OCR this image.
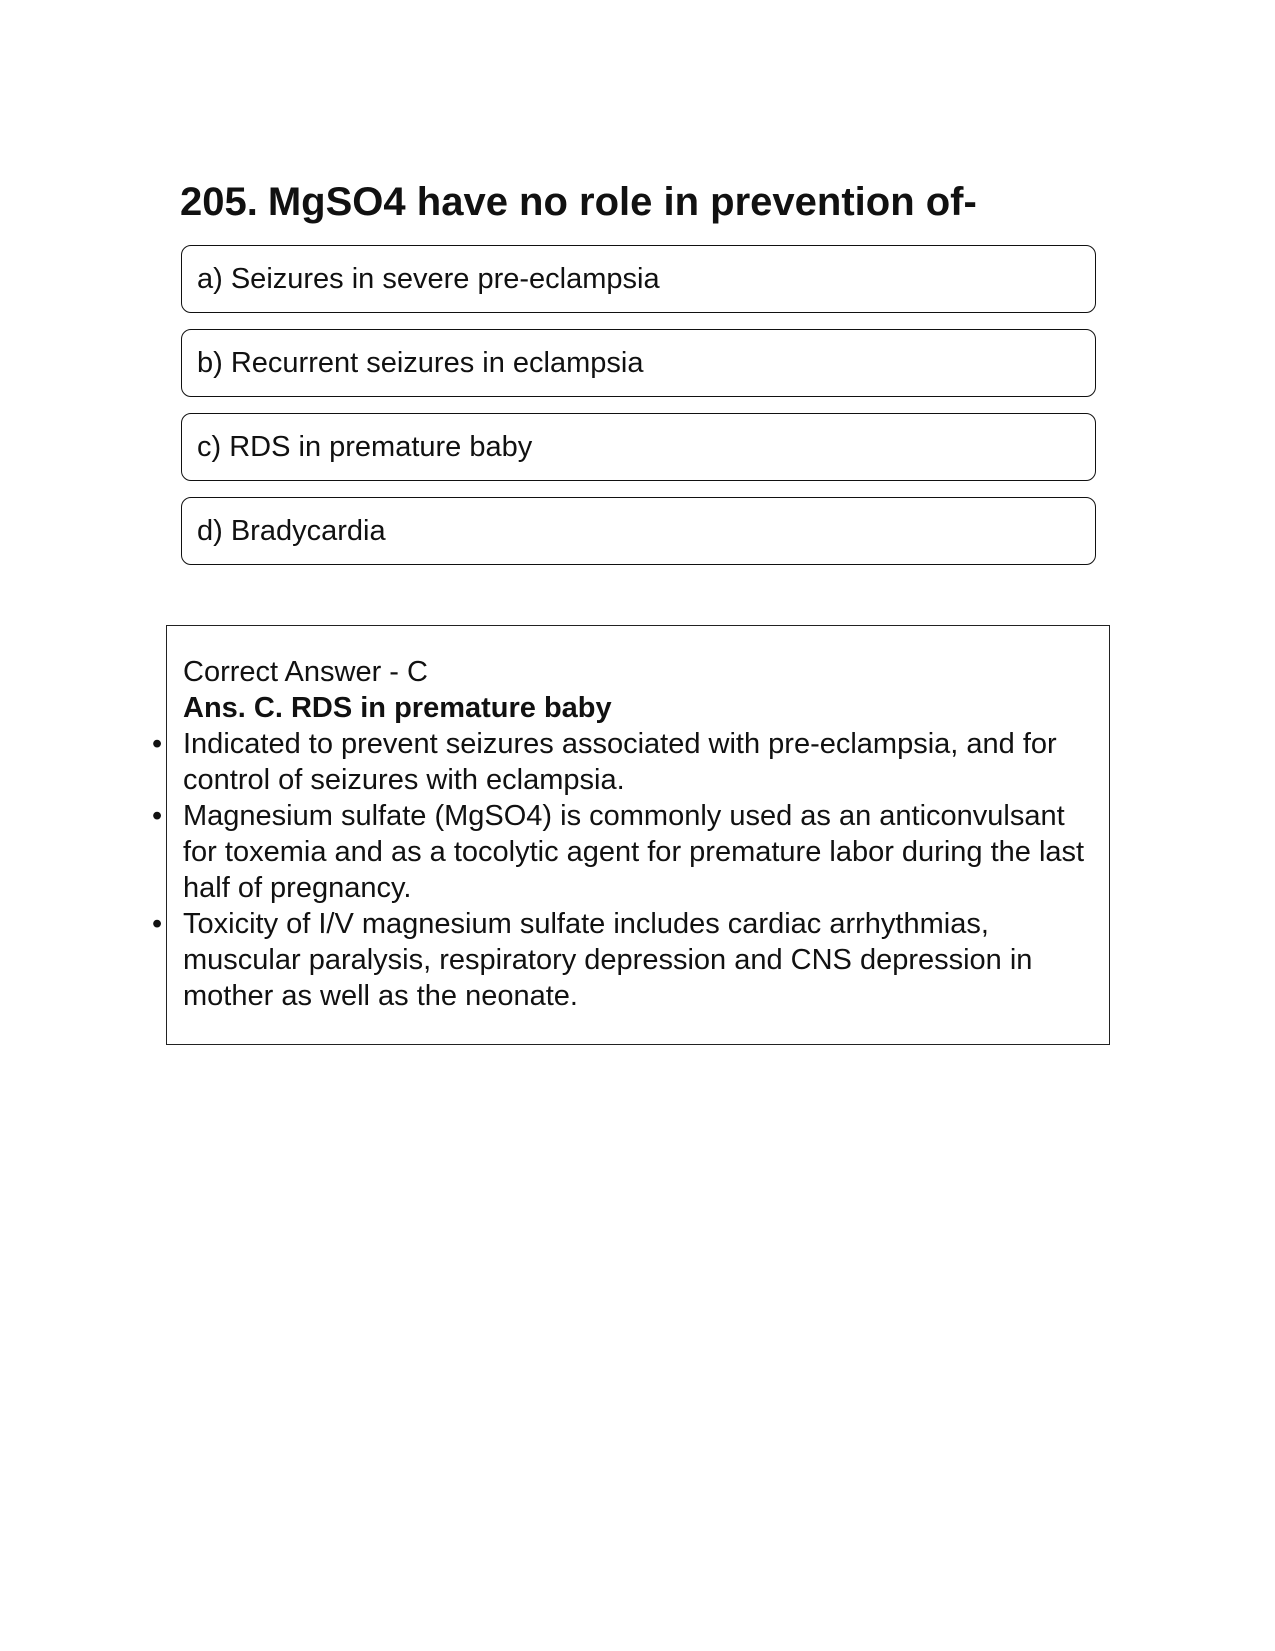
205. MgSO4 have no role in prevention of-
a) Seizures in severe pre-eclampsia
b) Recurrent seizures in eclampsia
c) RDS in premature baby
d) Bradycardia

Correct Answer - C

Ans. C. RDS in premature baby

• Indicated to prevent seizures associated with pre-eclampsia, and for control of seizures with eclampsia.
• Magnesium sulfate (MgSO4) is commonly used as an anticonvulsant for toxemia and as a tocolytic agent for premature labor during the last half of pregnancy.
• Toxicity of I/V magnesium sulfate includes cardiac arrhythmias, muscular paralysis, respiratory depression and CNS depression in mother as well as the neonate.
